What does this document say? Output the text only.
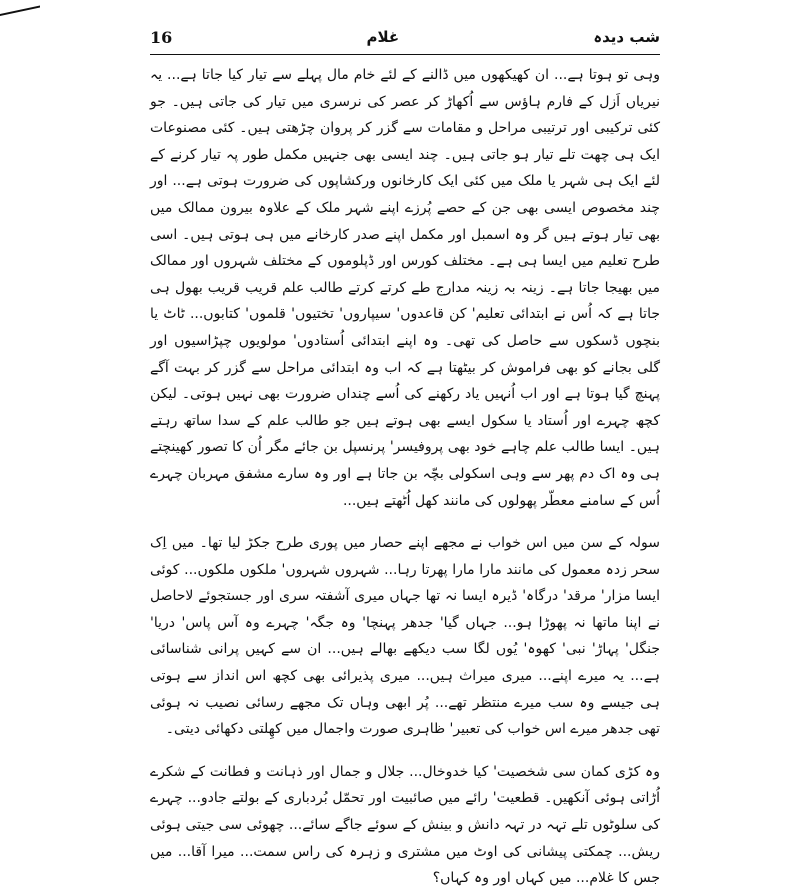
16	غلام	شب دیدہ

وہی تو ہوتا ہے... ان کھیکھوں میں ڈالنے کے لئے خام مال پہلے سے تیار کیا جاتا ہے... یہ نیریاں اَزل کے فارم ہاؤس سے اُکھاڑ کر عصر کی نرسری میں تیار کی جاتی ہیں۔ جو کئی ترکیبی اور ترتیبی مراحل و مقامات سے گزر کر پروان چڑھتی ہیں۔ کئی مصنوعات ایک ہی چھت تلے تیار ہو جاتی ہیں۔ چند ایسی بھی جنہیں مکمل طور پہ تیار کرنے کے لئے ایک ہی شہر یا ملک میں کئی ایک کارخانوں ورکشاپوں کی ضرورت ہوتی ہے... اور چند مخصوص ایسی بھی جن کے حصے پُرزے اپنے شہر ملک کے علاوہ بیرون ممالک میں بھی تیار ہوتے ہیں گر وہ اسمبل اور مکمل اپنے صدر کارخانے میں ہی ہوتی ہیں۔ اسی طرح تعلیم میں ایسا ہی ہے۔ مختلف کورس اور ڈپلوموں کے مختلف شہروں اور ممالک میں بھیجا جاتا ہے۔ زینہ بہ زینہ مدارج طے کرتے کرتے طالب علم قریب قریب بھول ہی جاتا ہے کہ اُس نے ابتدائی تعلیم' کن قاعدوں' سیپاروں' تختیوں' قلموں' کتابوں... ٹاٹ یا بنچوں ڈسکوں سے حاصل کی تھی۔ وہ اپنے ابتدائی اُستادوں' مولویوں چپڑاسیوں اور گلی بجانے کو بھی فراموش کر بیٹھتا ہے کہ اب وہ ابتدائی مراحل سے گزر کر بہت آگے پہنچ گیا ہوتا ہے اور اب اُنہیں یاد رکھنے کی اُسے چنداں ضرورت بھی نہیں ہوتی۔ لیکن کچھ چہرے اور اُستاد یا سکول ایسے بھی ہوتے ہیں جو طالب علم کے سدا ساتھ رہتے ہیں۔ ایسا طالب علم چاہے خود بھی پروفیسر' پرنسپل بن جائے مگر اُن کا تصور کھینچتے ہی وہ اک دم پھر سے وہی اسکولی بچّہ بن جاتا ہے اور وہ سارے مشفق مہربان چہرے اُس کے سامنے معطّر پھولوں کی مانند کھل اُٹھتے ہیں...

سولہ کے سن میں اس خواب نے مجھے اپنے حصار میں پوری طرح جکڑ لیا تھا۔ میں اِک سحر زدہ معمول کی مانند مارا مارا پھرتا رہا... شہروں شہروں' ملکوں ملکوں... کوئی ایسا مزار' مرقد' درگاہ' ڈیرہ ایسا نہ تھا جہاں میری آشفتہ سری اور جستجوئے لاحاصل نے اپنا ماتھا نہ پھوڑا ہو... جہاں گیا' جدھر پہنچا' وہ جگہ' چہرے وہ آس پاس' دریا' جنگل' پہاڑ' نبی' کھوہ' یُوں لگا سب دیکھے بھالے ہیں... ان سے کہیں پرانی شناسائی ہے... یہ میرے اپنے... میری میراث ہیں... میری پذیرائی بھی کچھ اس انداز سے ہوتی ہی جیسے وہ سب میرے منتظر تھے... پُر ابھی وہاں تک مجھے رسائی نصیب نہ ہوئی تھی جدھر میرے اس خواب کی تعبیر' ظاہری صورت واجمال میں کھِلتی دکھائی دیتی۔

وہ کڑی کمان سی شخصیت' کیا خدوخال... جلال و جمال اور ذہانت و فطانت کے شکرے اُڑاتی ہوئی آنکھیں۔ قطعیت' رائے میں صائبیت اور تحمّل بُردباری کے بولتے جادو... چہرے کی سلوٹوں تلے تہہ در تہہ دانش و بینش کے سوئے جاگے سائے... چھوئی سی جیتی ہوئی ریش... چمکتی پیشانی کی اوٹ میں مشتری و زہرہ کی راس سمت... میرا آقا... میں جس کا غلام... میں کہاں اور وہ کہاں؟
